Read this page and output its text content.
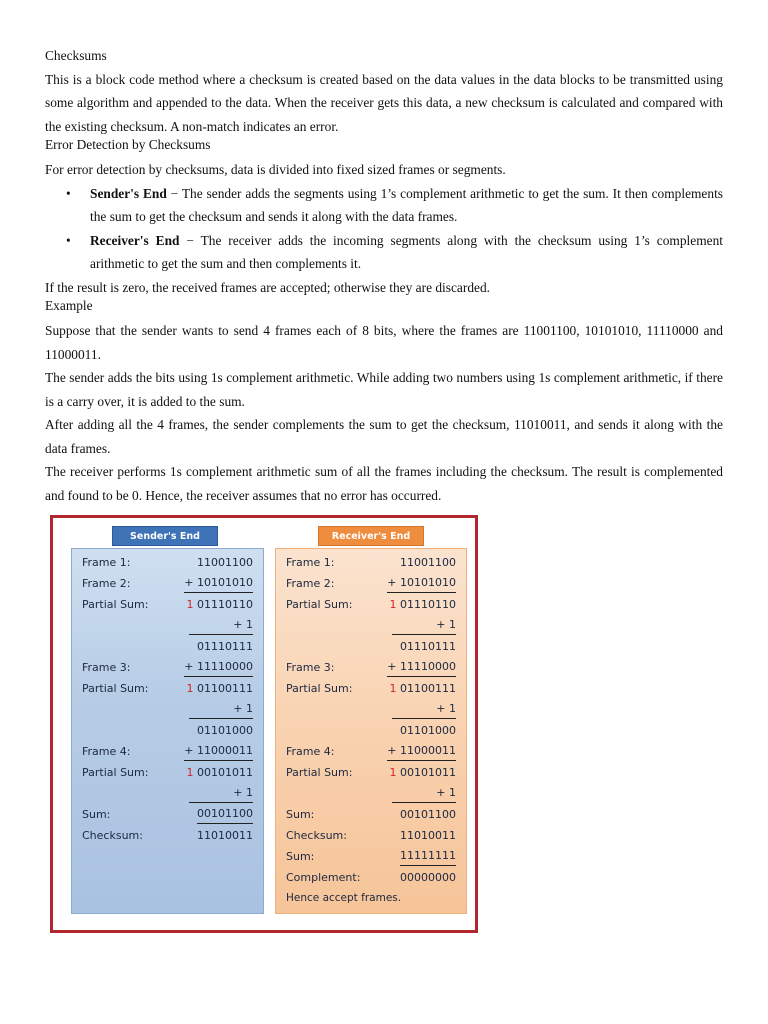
Checksums

This is a block code method where a checksum is created based on the data values in the data blocks to be transmitted using some algorithm and appended to the data. When the receiver gets this data, a new checksum is calculated and compared with the existing checksum. A non-match indicates an error.

Error Detection by Checksums

For error detection by checksums, data is divided into fixed sized frames or segments.

• Sender's End − The sender adds the segments using 1’s complement arithmetic to get the sum. It then complements the sum to get the checksum and sends it along with the data frames.
• Receiver's End − The receiver adds the incoming segments along with the checksum using 1’s complement arithmetic to get the sum and then complements it.

If the result is zero, the received frames are accepted; otherwise they are discarded.

Example

Suppose that the sender wants to send 4 frames each of 8 bits, where the frames are 11001100, 10101010, 11110000 and 11000011.

The sender adds the bits using 1s complement arithmetic. While adding two numbers using 1s complement arithmetic, if there is a carry over, it is added to the sum.

After adding all the 4 frames, the sender complements the sum to get the checksum, 11010011, and sends it along with the data frames.

The receiver performs 1s complement arithmetic sum of all the frames including the checksum. The result is complemented and found to be 0. Hence, the receiver assumes that no error has occurred.

Sender's End
Frame 1:	11001100
Frame 2:	+ 10101010
Partial Sum:	1 01110110
+ 1
01110111
Frame 3:	+ 11110000
Partial Sum:	1 01100111
+ 1
01101000
Frame 4:	+ 11000011
Partial Sum:	1 00101011
+ 1
Sum:	00101100
Checksum:	11010011
Receiver's End
Frame 1:	11001100
Frame 2:	+ 10101010
Partial Sum:	1 01110110
+ 1
01110111
Frame 3:	+ 11110000
Partial Sum:	1 01100111
+ 1
01101000
Frame 4:	+ 11000011
Partial Sum:	1 00101011
+ 1
Sum:	00101100
Checksum:	11010011
Sum:	11111111
Complement:	00000000
Hence accept frames.
